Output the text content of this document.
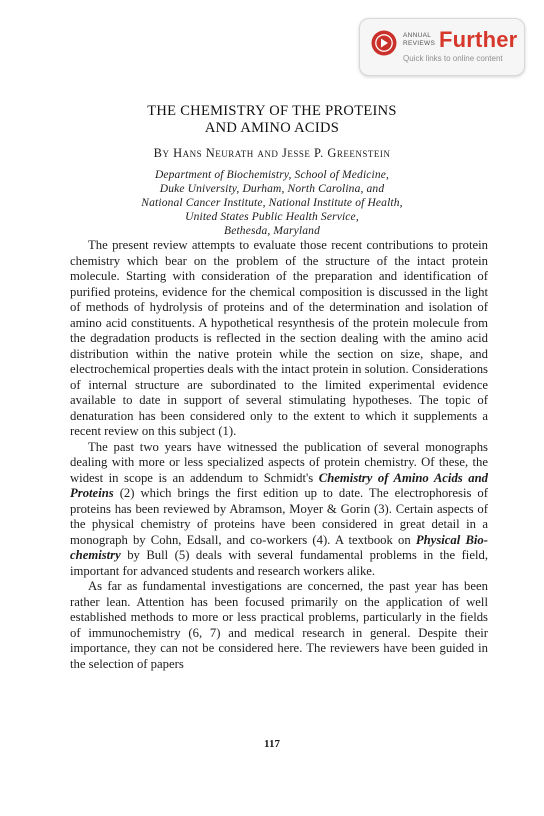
ANNUAL
REVIEWS Further
Quick links to online content
THE CHEMISTRY OF THE PROTEINS
AND AMINO ACIDS
By Hans Neurath and Jesse P. Greenstein
Department of Biochemistry, School of Medicine,
Duke University, Durham, North Carolina, and
National Cancer Institute, National Institute of Health,
United States Public Health Service,
Bethesda, Maryland

The present review attempts to evaluate those recent contributions to protein chemistry which bear on the problem of the structure of the intact protein molecule. Starting with consideration of the preparation and identification of purified proteins, evidence for the chemical composition is discussed in the light of methods of hydrolysis of proteins and of the determination and isolation of amino acid constituents. A hypothetical resynthesis of the protein molecule from the degradation products is reflected in the section dealing with the amino acid distribution within the native protein while the section on size, shape, and electrochemical properties deals with the intact protein in solution. Considerations of internal structure are subordinated to the limited experimental evidence available to date in support of several stimulating hypotheses. The topic of denaturation has been considered only to the extent to which it supplements a recent review on this subject (1).

The past two years have witnessed the publication of several monographs dealing with more or less specialized aspects of protein chemistry. Of these, the widest in scope is an addendum to Schmidt's Chemistry of Amino Acids and Proteins (2) which brings the first edition up to date. The electrophoresis of proteins has been reviewed by Abramson, Moyer & Gorin (3). Certain aspects of the physical chemistry of proteins have been considered in great detail in a monograph by Cohn, Edsall, and co-workers (4). A textbook on Physical Biochemistry by Bull (5) deals with several fundamental problems in the field, important for advanced students and research workers alike.

As far as fundamental investigations are concerned, the past year has been rather lean. Attention has been focused primarily on the application of well established methods to more or less practical problems, particularly in the fields of immunochemistry (6, 7) and medical research in general. Despite their importance, they can not be considered here. The reviewers have been guided in the selection of papers

117
